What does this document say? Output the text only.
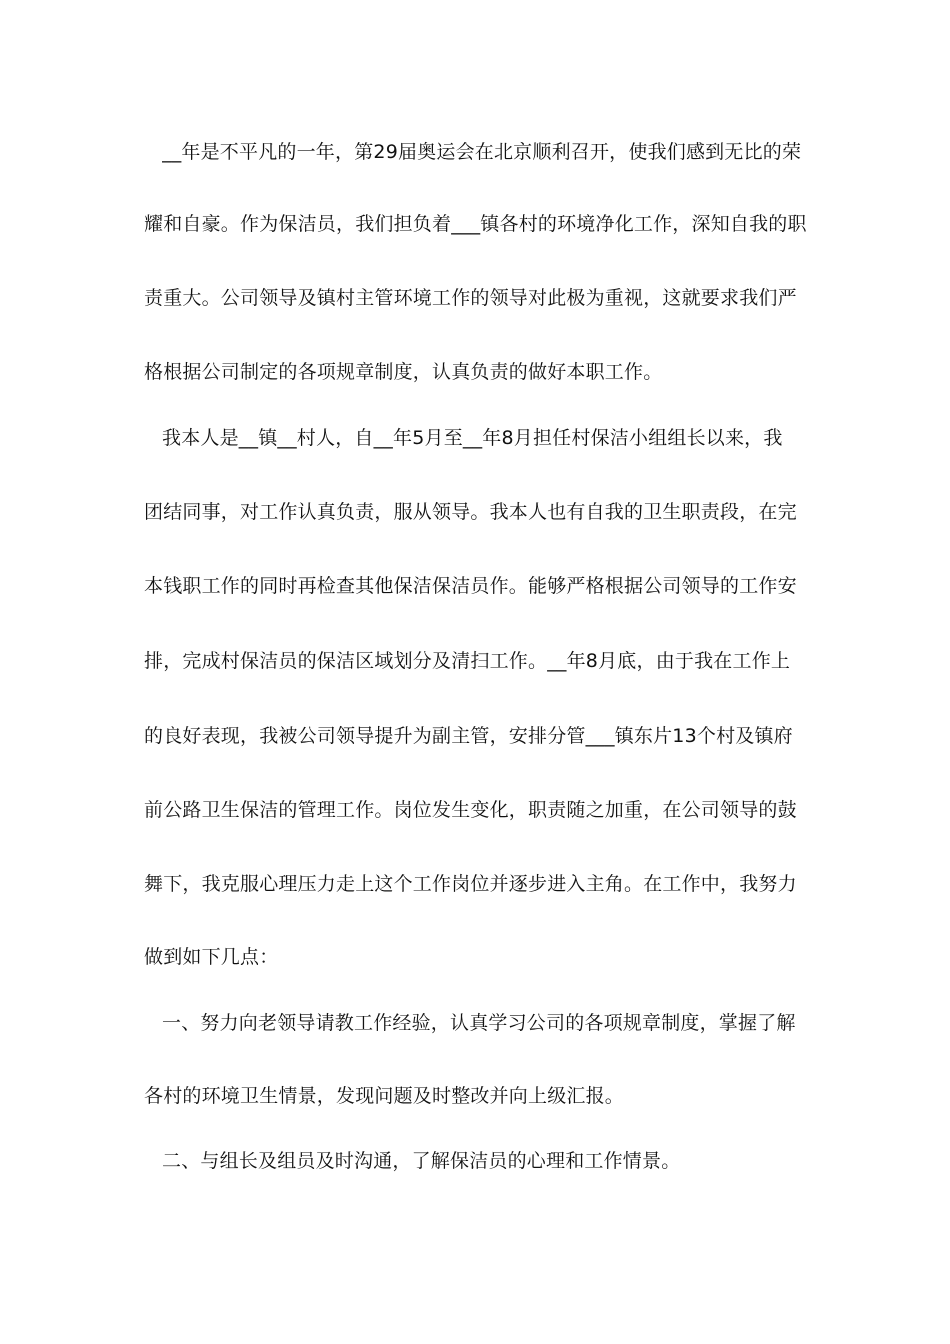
__年是不平凡的一年，第29届奥运会在北京顺利召开，使我们感到无比的荣
耀和自豪。作为保洁员，我们担负着___镇各村的环境净化工作，深知自我的职
责重大。公司领导及镇村主管环境工作的领导对此极为重视，这就要求我们严
格根据公司制定的各项规章制度，认真负责的做好本职工作。
我本人是__镇__村人，自__年5月至__年8月担任村保洁小组组长以来，我
团结同事，对工作认真负责，服从领导。我本人也有自我的卫生职责段，在完
本钱职工作的同时再检查其他保洁保洁员作。能够严格根据公司领导的工作安
排，完成村保洁员的保洁区域划分及清扫工作。__年8月底，由于我在工作上
的良好表现，我被公司领导提升为副主管，安排分管___镇东片13个村及镇府
前公路卫生保洁的管理工作。岗位发生变化，职责随之加重，在公司领导的鼓
舞下，我克服心理压力走上这个工作岗位并逐步进入主角。在工作中，我努力
做到如下几点：
一、努力向老领导请教工作经验，认真学习公司的各项规章制度，掌握了解
各村的环境卫生情景，发现问题及时整改并向上级汇报。
二、与组长及组员及时沟通，了解保洁员的心理和工作情景。
